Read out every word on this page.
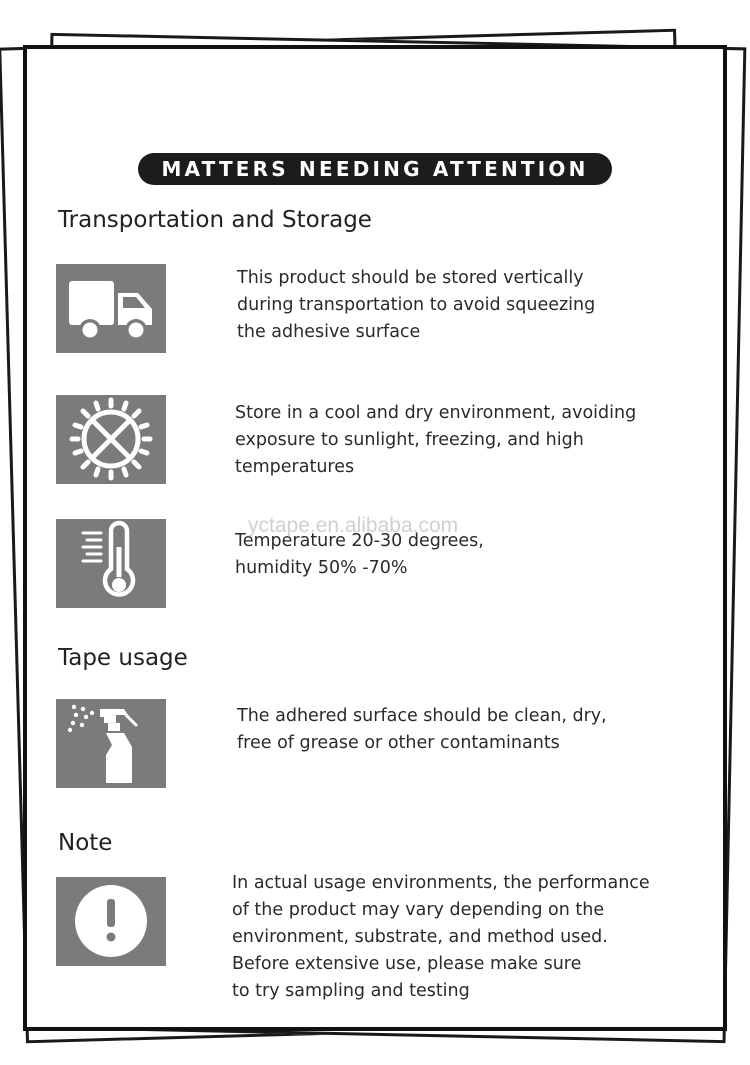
MATTERS NEEDING ATTENTION
Transportation and Storage
This product should be stored vertically
during transportation to avoid squeezing
the adhesive surface
Store in a cool and dry environment, avoiding
exposure to sunlight, freezing, and high
temperatures
Temperature 20-30 degrees,
humidity 50% -70%
Tape usage
The adhered surface should be clean, dry,
free of grease or other contaminants
Note
In actual usage environments, the performance
of the product may vary depending on the
environment, substrate, and method used.
Before extensive use, please make sure
to try sampling and testing
yctape.en.alibaba.com
